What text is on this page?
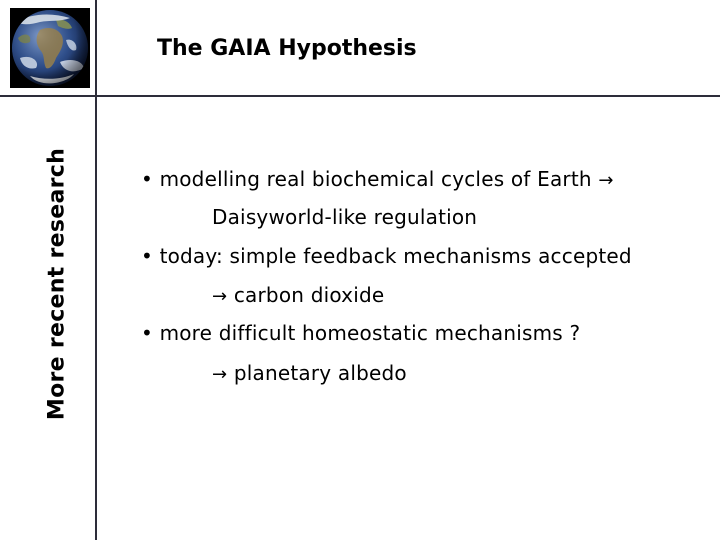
The GAIA Hypothesis
More recent research	• modelling real biochemical cycles of Earth →
Daisyworld-like regulation
• today: simple feedback mechanisms accepted
→ carbon dioxide
• more difficult homeostatic mechanisms ?
→ planetary albedo
